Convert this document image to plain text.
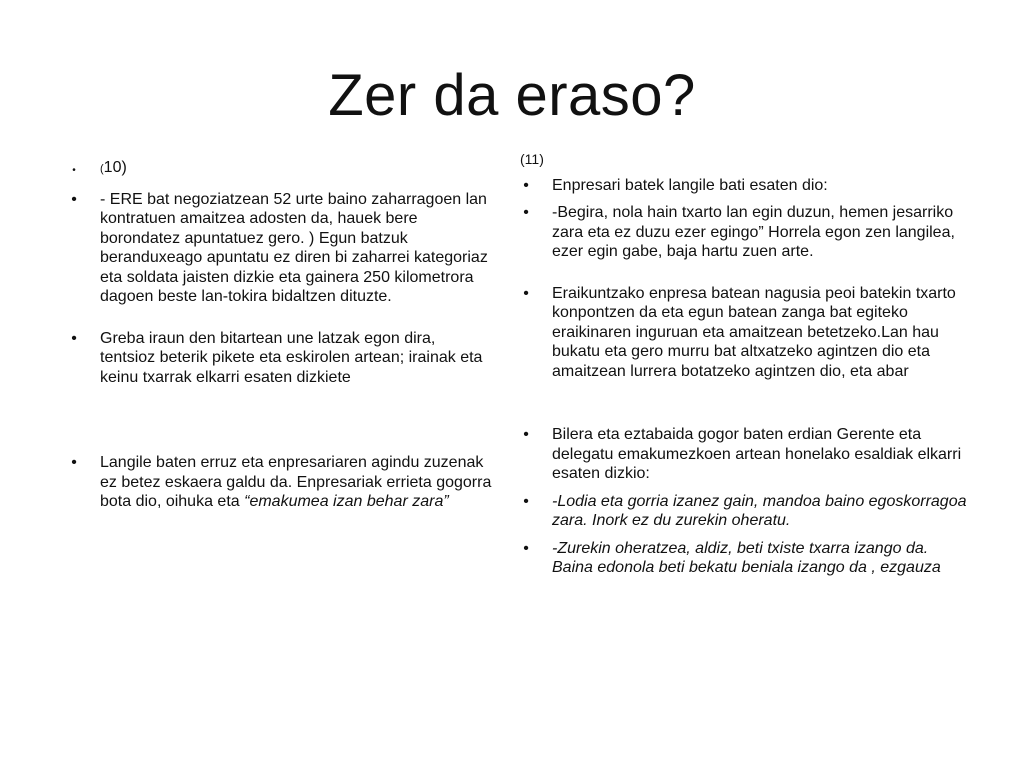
Zer da eraso?
•	(10)
• - ERE bat negoziatzean 52 urte baino zaharragoen lan kontratuen amaitzea adosten da, hauek bere borondatez apuntatuez gero. ) Egun batzuk beranduxeago apuntatu ez diren bi zaharrei kategoriaz eta soldata jaisten dizkie eta gainera 250 kilometrora dagoen beste lan-tokira bidaltzen dituzte.
• Greba iraun den bitartean une latzak egon dira, tentsioz beterik pikete eta eskirolen artean; irainak eta keinu txarrak elkarri esaten dizkiete
• Langile baten erruz eta enpresariaren agindu zuzenak ez betez eskaera galdu da. Enpresariak errieta gogorra bota dio, oihuka eta “emakumea izan behar zara”
(11)
• Enpresari batek langile bati esaten dio:
• -Begira, nola hain txarto lan egin duzun, hemen jesarriko zara eta ez duzu ezer egingo” Horrela egon zen langilea, ezer egin gabe, baja hartu zuen arte.
• Eraikuntzako enpresa batean nagusia peoi batekin txarto konpontzen da eta egun batean zanga bat egiteko eraikinaren inguruan eta amaitzean betetzeko.Lan hau bukatu eta gero murru bat altxatzeko agintzen dio eta amaitzean lurrera botatzeko agintzen dio, eta abar
• Bilera eta eztabaida gogor baten erdian Gerente eta delegatu emakumezkoen artean honelako esaldiak elkarri esaten dizkio:
• -Lodia eta gorria izanez gain, mandoa baino egoskorragoa zara. Inork ez du zurekin oheratu.
• -Zurekin oheratzea, aldiz, beti txiste txarra izango da. Baina edonola beti bekatu beniala izango da , ezgauza
